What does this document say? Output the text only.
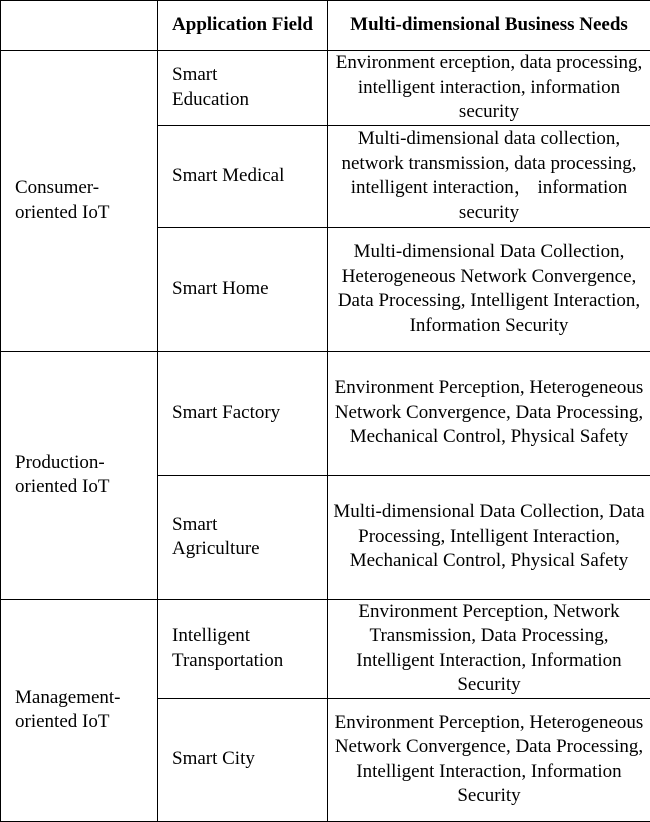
	Application Field	Multi-dimensional Business Needs
Consumer-oriented IoT	Smart Education	Environment erception, data processing, intelligent interaction, information security
	Smart Medical	Multi-dimensional data collection, network transmission, data processing, intelligent interaction， information security
	Smart Home	Multi-dimensional Data Collection, Heterogeneous Network Convergence, Data Processing, Intelligent Interaction, Information Security
Production-oriented IoT	Smart Factory	Environment Perception, Heterogeneous Network Convergence, Data Processing, Mechanical Control, Physical Safety
	Smart Agriculture	Multi-dimensional Data Collection, Data Processing, Intelligent Interaction, Mechanical Control, Physical Safety
Management-oriented IoT	Intelligent Transportation	Environment Perception, Network Transmission, Data Processing, Intelligent Interaction, Information Security
	Smart City	Environment Perception, Heterogeneous Network Convergence, Data Processing, Intelligent Interaction, Information Security
